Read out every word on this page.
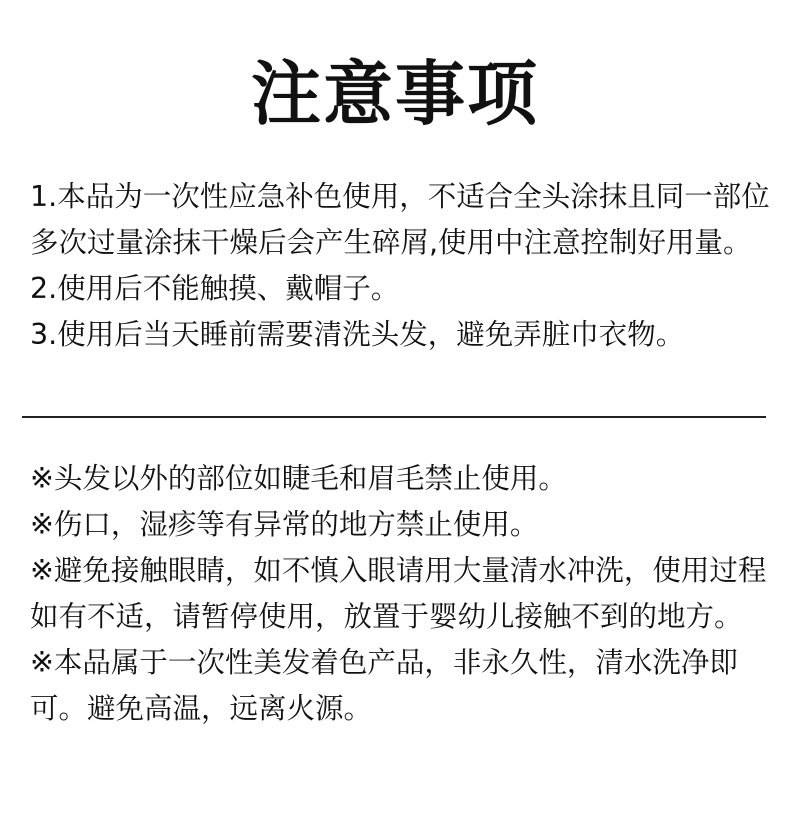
注意事项

1.本品为一次性应急补色使用，不适合全头涂抹且同一部位多次过量涂抹干燥后会产生碎屑,使用中注意控制好用量。

2.使用后不能触摸、戴帽子。

3.使用后当天睡前需要清洗头发，避免弄脏巾衣物。

※头发以外的部位如睫毛和眉毛禁止使用。

※伤口，湿疹等有异常的地方禁止使用。

※避免接触眼睛，如不慎入眼请用大量清水冲洗，使用过程如有不适，请暂停使用，放置于婴幼儿接触不到的地方。

※本品属于一次性美发着色产品，非永久性，清水洗净即可。避免高温，远离火源。
